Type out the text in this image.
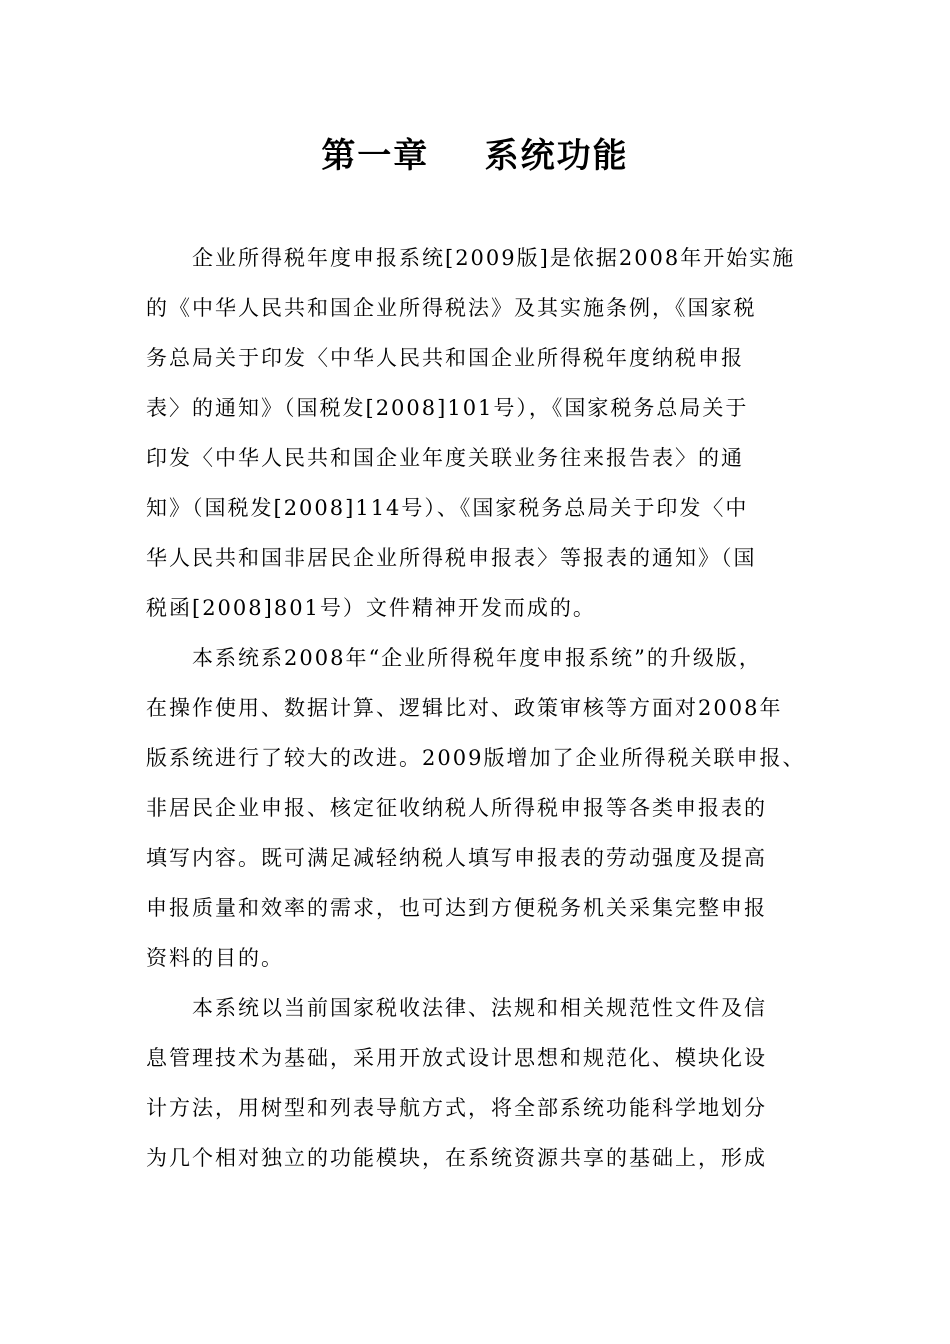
第一章    系统功能
企业所得税年度申报系统[2009版]是依据2008年开始实施
的《中华人民共和国企业所得税法》及其实施条例，《国家税
务总局关于印发〈中华人民共和国企业所得税年度纳税申报
表〉的通知》（国税发[2008]101号），《国家税务总局关于
印发〈中华人民共和国企业年度关联业务往来报告表〉的通
知》（国税发[2008]114号）、《国家税务总局关于印发〈中
华人民共和国非居民企业所得税申报表〉等报表的通知》（国
税函[2008]801号）文件精神开发而成的。
本系统系2008年“企业所得税年度申报系统”的升级版，
在操作使用、数据计算、逻辑比对、政策审核等方面对2008年
版系统进行了较大的改进。2009版增加了企业所得税关联申报、
非居民企业申报、核定征收纳税人所得税申报等各类申报表的
填写内容。既可满足减轻纳税人填写申报表的劳动强度及提高
申报质量和效率的需求，也可达到方便税务机关采集完整申报
资料的目的。
本系统以当前国家税收法律、法规和相关规范性文件及信
息管理技术为基础，采用开放式设计思想和规范化、模块化设
计方法，用树型和列表导航方式，将全部系统功能科学地划分
为几个相对独立的功能模块，在系统资源共享的基础上，形成
